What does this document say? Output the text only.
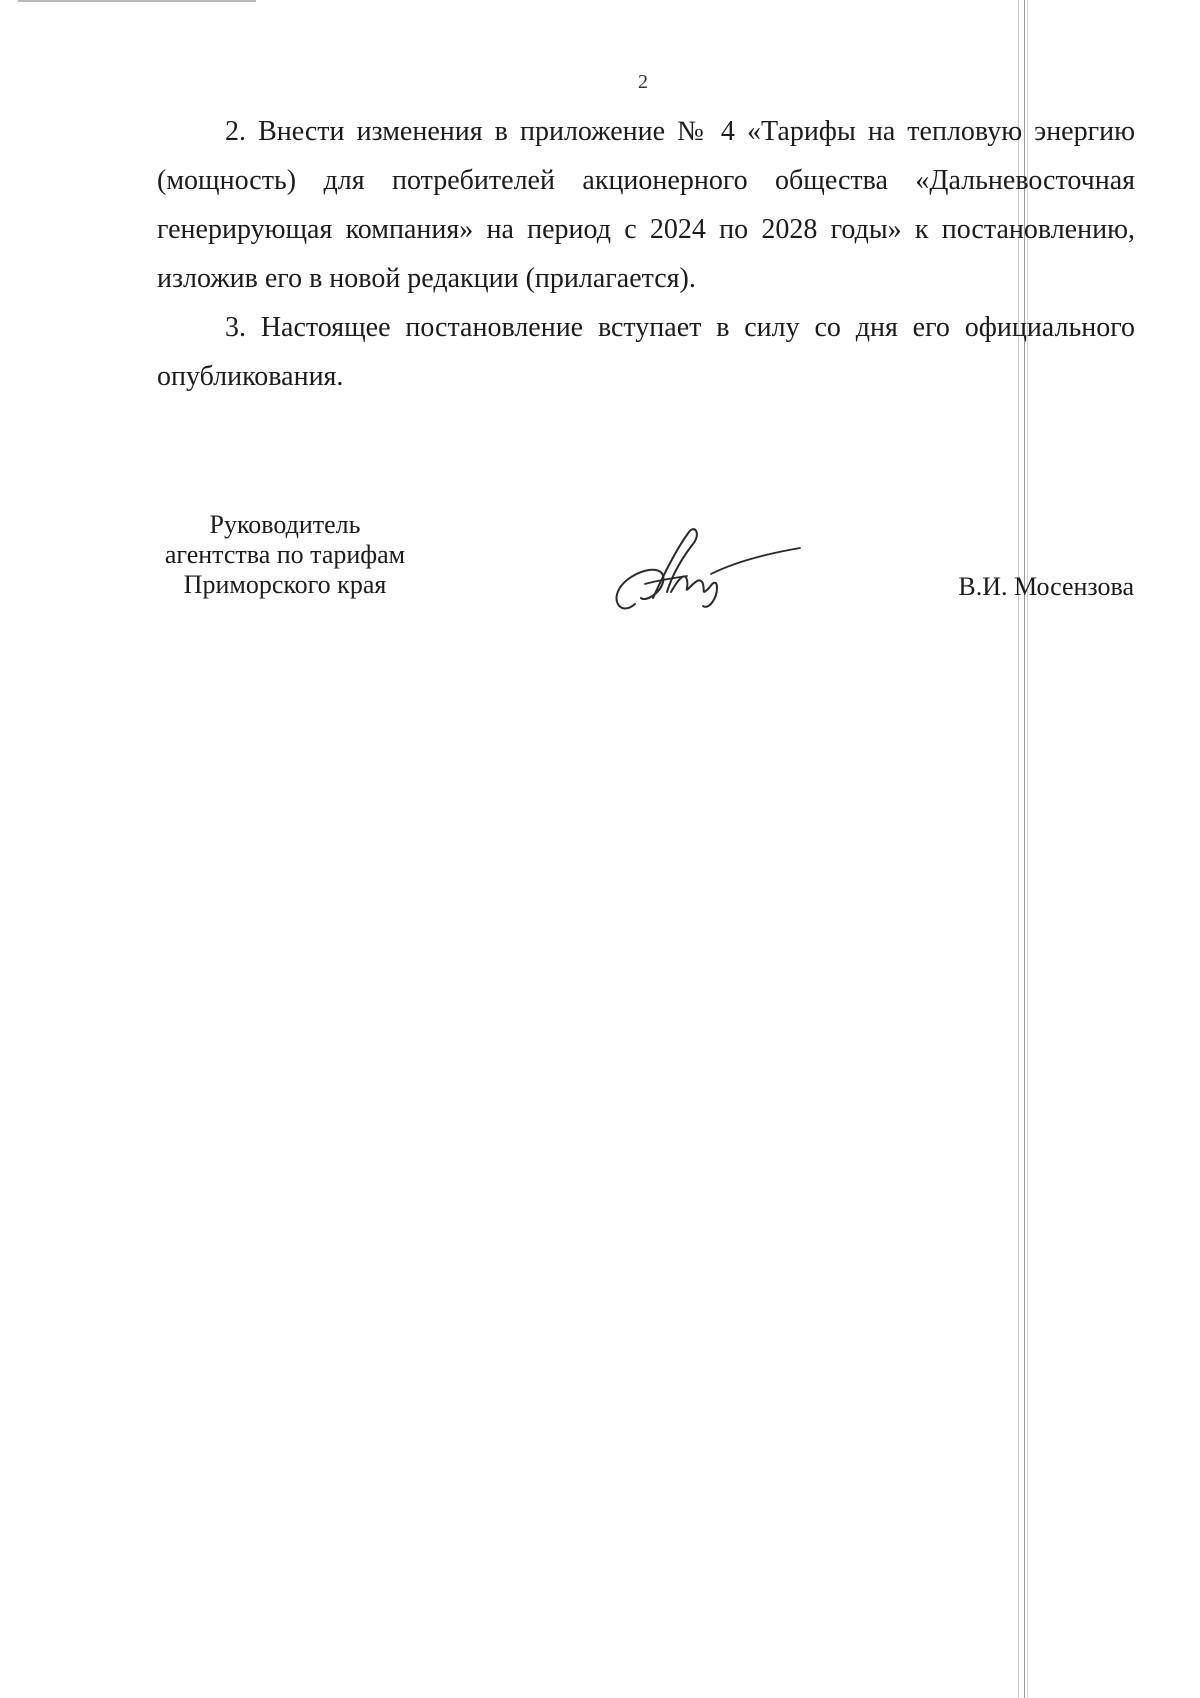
2

2. Внести изменения в приложение № 4 «Тарифы на тепловую энергию (мощность) для потребителей акционерного общества «Дальневосточная генерирующая компания» на период с 2024 по 2028 годы» к постановлению, изложив его в новой редакции (прилагается).

3. Настоящее постановление вступает в силу со дня его официального опубликования.

Руководитель
агентства по тарифам
Приморского края	В.И. Мосензова
